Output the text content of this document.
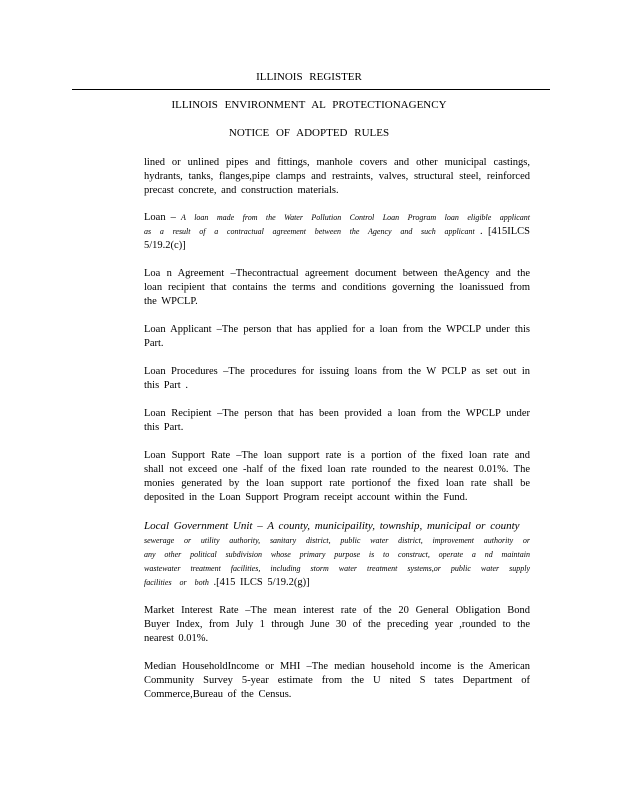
ILLINOIS REGISTER
ILLINOIS ENVIRONMENT AL PROTECTIONAGENCY
NOTICE OF ADOPTED RULES

lined or unlined pipes and fittings, manhole covers and other municipal castings, hydrants, tanks, flanges,pipe clamps and restraints, valves, structural steel, reinforced precast concrete, and construction materials.

Loan – A loan made from the Water Pollution Control Loan Program loan eligible applicant as a result of a contractual agreement between the Agency and such applicant . [415ILCS 5/19.2(c)]

Loa n Agreement –Thecontractual agreement document between theAgency and the loan recipient that contains the terms and conditions governing the loanissued from the WPCLP.

Loan Applicant –The person that has applied for a loan from the WPCLP under this Part.

Loan Procedures –The procedures for issuing loans from the W PCLP as set out in this Part .

Loan Recipient –The person that has been provided a loan from the WPCLP under this Part.

Loan Support Rate –The loan support rate is a portion of the fixed loan rate and shall not exceed one -half of the fixed loan rate rounded to the nearest 0.01%. The monies generated by the loan support rate portionof the fixed loan rate shall be deposited in the Loan Support Program receipt account within the Fund.

Local Government Unit – A county, municipaility, township, municipal or county
sewerage or utility authority, sanitary district, public water district, improvement authority or any other political subdivision whose primary purpose is to construct, operate a nd maintain wastewater treatment facilities, including storm water treatment systems,or public water supply facilities or both .[415 ILCS 5/19.2(g)]

Market Interest Rate –The mean interest rate of the 20 General Obligation Bond Buyer Index, from July 1 through June 30 of the preceding year ,rounded to the nearest 0.01%.

Median HouseholdIncome or MHI –The median household income is the American Community Survey 5-year estimate from the U nited S tates Department of Commerce,Bureau of the Census.
